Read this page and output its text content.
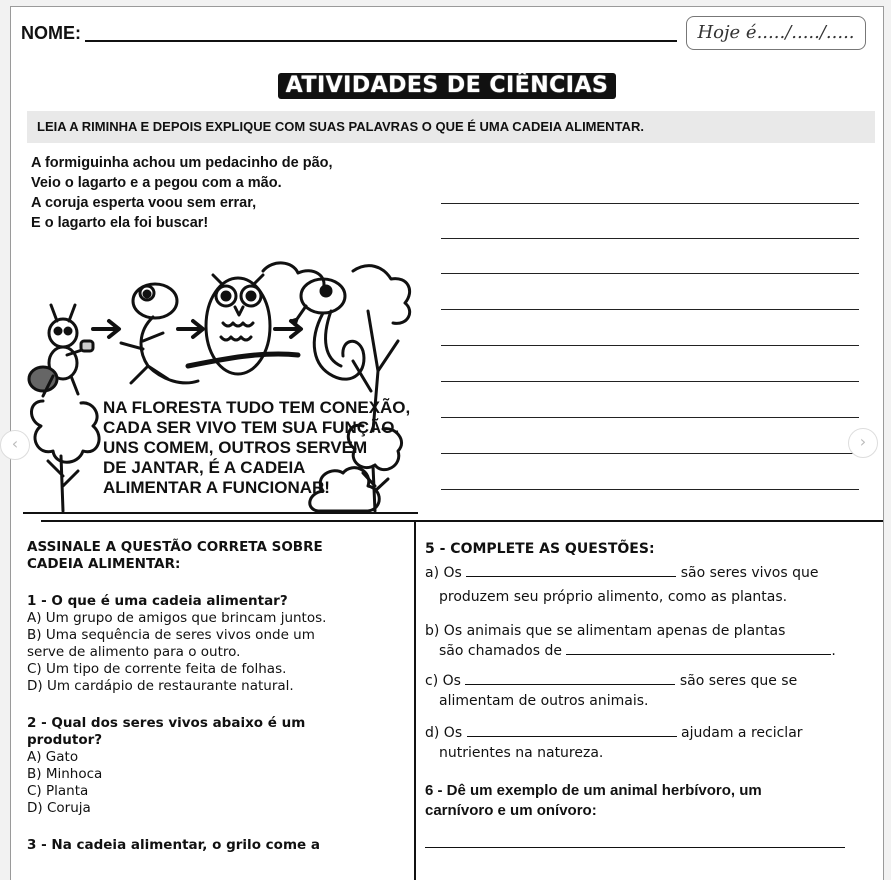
NOME:	Hoje é...../...../.....
ATIVIDADES DE CIÊNCIAS
LEIA A RIMINHA E DEPOIS EXPLIQUE COM SUAS PALAVRAS O QUE É UMA CADEIA ALIMENTAR.
A formiguinha achou um pedacinho de pão,
Veio o lagarto e a pegou com a mão.
A coruja esperta voou sem errar,
E o lagarto ela foi buscar!
NA FLORESTA TUDO TEM CONEXÃO,
CADA SER VIVO TEM SUA FUNÇÃO.
UNS COMEM, OUTROS SERVEM
DE JANTAR, É A CADEIA
ALIMENTAR A FUNCIONAR!
ASSINALE A QUESTÃO CORRETA SOBRE
CADEIA ALIMENTAR:
1 - O que é uma cadeia alimentar?
A) Um grupo de amigos que brincam juntos.
B) Uma sequência de seres vivos onde um
serve de alimento para o outro.
C) Um tipo de corrente feita de folhas.
D) Um cardápio de restaurante natural.
2 - Qual dos seres vivos abaixo é um
produtor?
A) Gato
B) Minhoca
C) Planta
D) Coruja
3 - Na cadeia alimentar, o grilo come a
5 - COMPLETE AS QUESTÕES:
a) Os	são seres vivos que
produzem seu próprio alimento, como as plantas.
b) Os animais que se alimentam apenas de plantas
são chamados de	.
c) Os	são seres que se
alimentam de outros animais.
d) Os	ajudam a reciclar
nutrientes na natureza.
6 - Dê um exemplo de um animal herbívoro, um
carnívoro e um onívoro:
‹	›
